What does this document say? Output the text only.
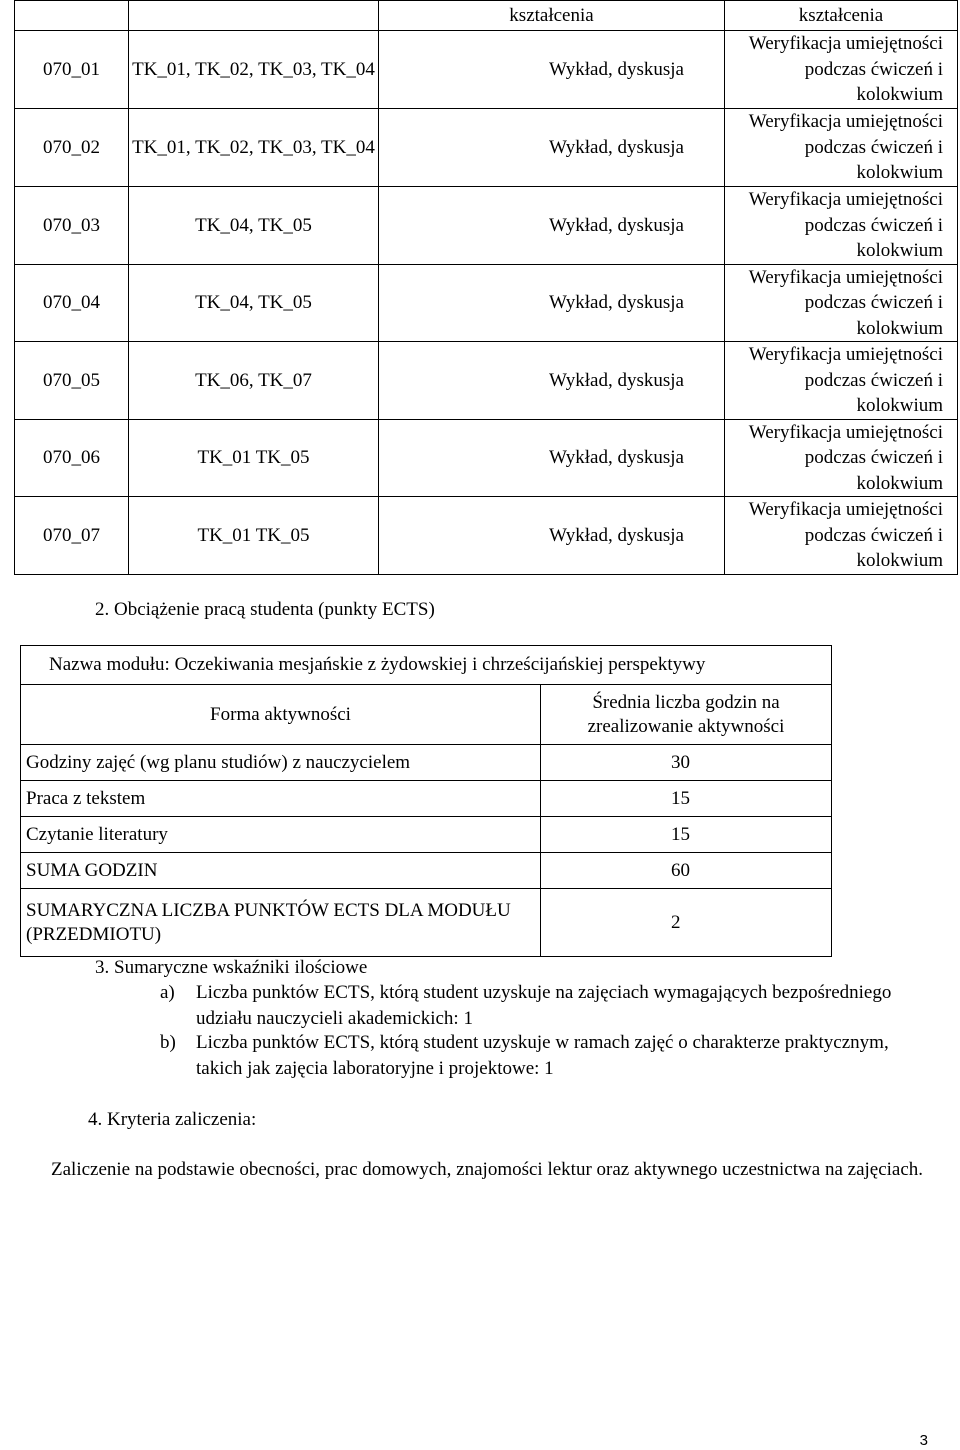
		kształcenia	kształcenia
070_01	TK_01, TK_02, TK_03, TK_04	Wykład, dyskusja	Weryfikacja umiejętności podczas ćwiczeń i kolokwium
070_02	TK_01, TK_02, TK_03, TK_04	Wykład, dyskusja	Weryfikacja umiejętności podczas ćwiczeń i kolokwium
070_03	TK_04, TK_05	Wykład, dyskusja	Weryfikacja umiejętności podczas ćwiczeń i kolokwium
070_04	TK_04, TK_05	Wykład, dyskusja	Weryfikacja umiejętności podczas ćwiczeń i kolokwium
070_05	TK_06, TK_07	Wykład, dyskusja	Weryfikacja umiejętności podczas ćwiczeń i kolokwium
070_06	TK_01 TK_05	Wykład, dyskusja	Weryfikacja umiejętności podczas ćwiczeń i kolokwium
070_07	TK_01 TK_05	Wykład, dyskusja	Weryfikacja umiejętności podczas ćwiczeń i kolokwium
2. Obciążenie pracą studenta (punkty ECTS)
Nazwa modułu: Oczekiwania mesjańskie z żydowskiej i chrześcijańskiej perspektywy	
Forma aktywności	Średnia liczba godzin na zrealizowanie aktywności
Godziny zajęć (wg planu studiów) z nauczycielem	30
Praca z tekstem	15
Czytanie literatury	15
SUMA GODZIN	60
SUMARYCZNA LICZBA PUNKTÓW ECTS DLA MODUŁU (PRZEDMIOTU)	2
3. Sumaryczne wskaźniki ilościowe
a) Liczba punktów ECTS, którą student uzyskuje na zajęciach wymagających bezpośredniego udziału nauczycieli akademickich: 1
b) Liczba punktów ECTS, którą student uzyskuje w ramach zajęć o charakterze praktycznym, takich jak zajęcia laboratoryjne i projektowe: 1
4. Kryteria zaliczenia:
Zaliczenie na podstawie obecności, prac domowych, znajomości lektur oraz aktywnego uczestnictwa na zajęciach.
3
